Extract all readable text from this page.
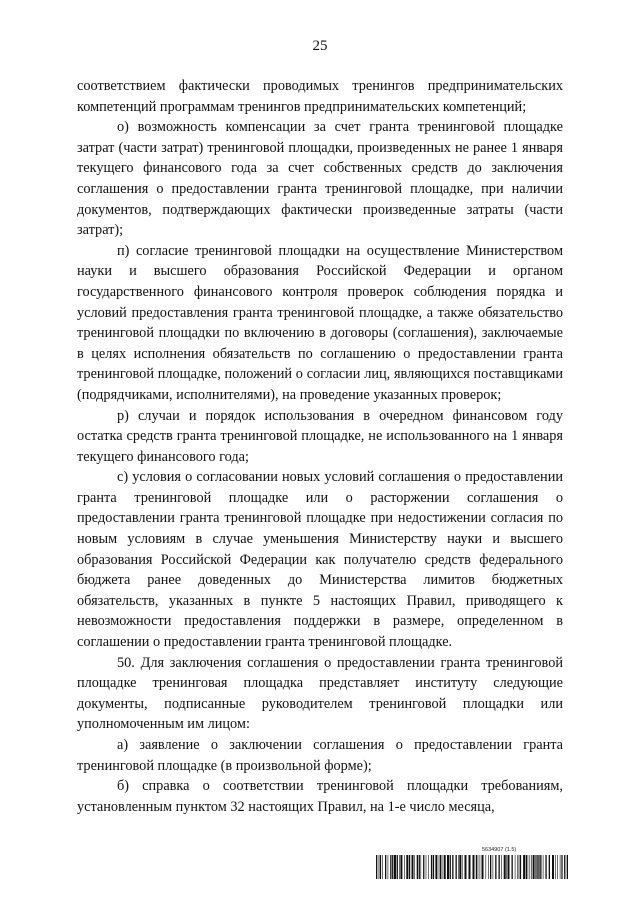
25

соответствием фактически проводимых тренингов предпринимательских компетенций программам тренингов предпринимательских компетенций;

о) возможность компенсации за счет гранта тренинговой площадке затрат (части затрат) тренинговой площадки, произведенных не ранее 1 января текущего финансового года за счет собственных средств до заключения соглашения о предоставлении гранта тренинговой площадке, при наличии документов, подтверждающих фактически произведенные затраты (части затрат);

п) согласие тренинговой площадки на осуществление Министерством науки и высшего образования Российской Федерации и органом государственного финансового контроля проверок соблюдения порядка и условий предоставления гранта тренинговой площадке, а также обязательство тренинговой площадки по включению в договоры (соглашения), заключаемые в целях исполнения обязательств по соглашению о предоставлении гранта тренинговой площадке, положений о согласии лиц, являющихся поставщиками (подрядчиками, исполнителями), на проведение указанных проверок;

р) случаи и порядок использования в очередном финансовом году остатка средств гранта тренинговой площадке, не использованного на 1 января текущего финансового года;

с) условия о согласовании новых условий соглашения о предоставлении гранта тренинговой площадке или о расторжении соглашения о предоставлении гранта тренинговой площадке при недостижении согласия по новым условиям в случае уменьшения Министерству науки и высшего образования Российской Федерации как получателю средств федерального бюджета ранее доведенных до Министерства лимитов бюджетных обязательств, указанных в пункте 5 настоящих Правил, приводящего к невозможности предоставления поддержки в размере, определенном в соглашении о предоставлении гранта тренинговой площадке.

50. Для заключения соглашения о предоставлении гранта тренинговой площадке тренинговая площадка представляет институту следующие документы, подписанные руководителем тренинговой площадки или уполномоченным им лицом:

а) заявление о заключении соглашения о предоставлении гранта тренинговой площадке (в произвольной форме);

б) справка о соответствии тренинговой площадки требованиям, установленным пунктом 32 настоящих Правил, на 1-е число месяца,

5634907 (1.5)
